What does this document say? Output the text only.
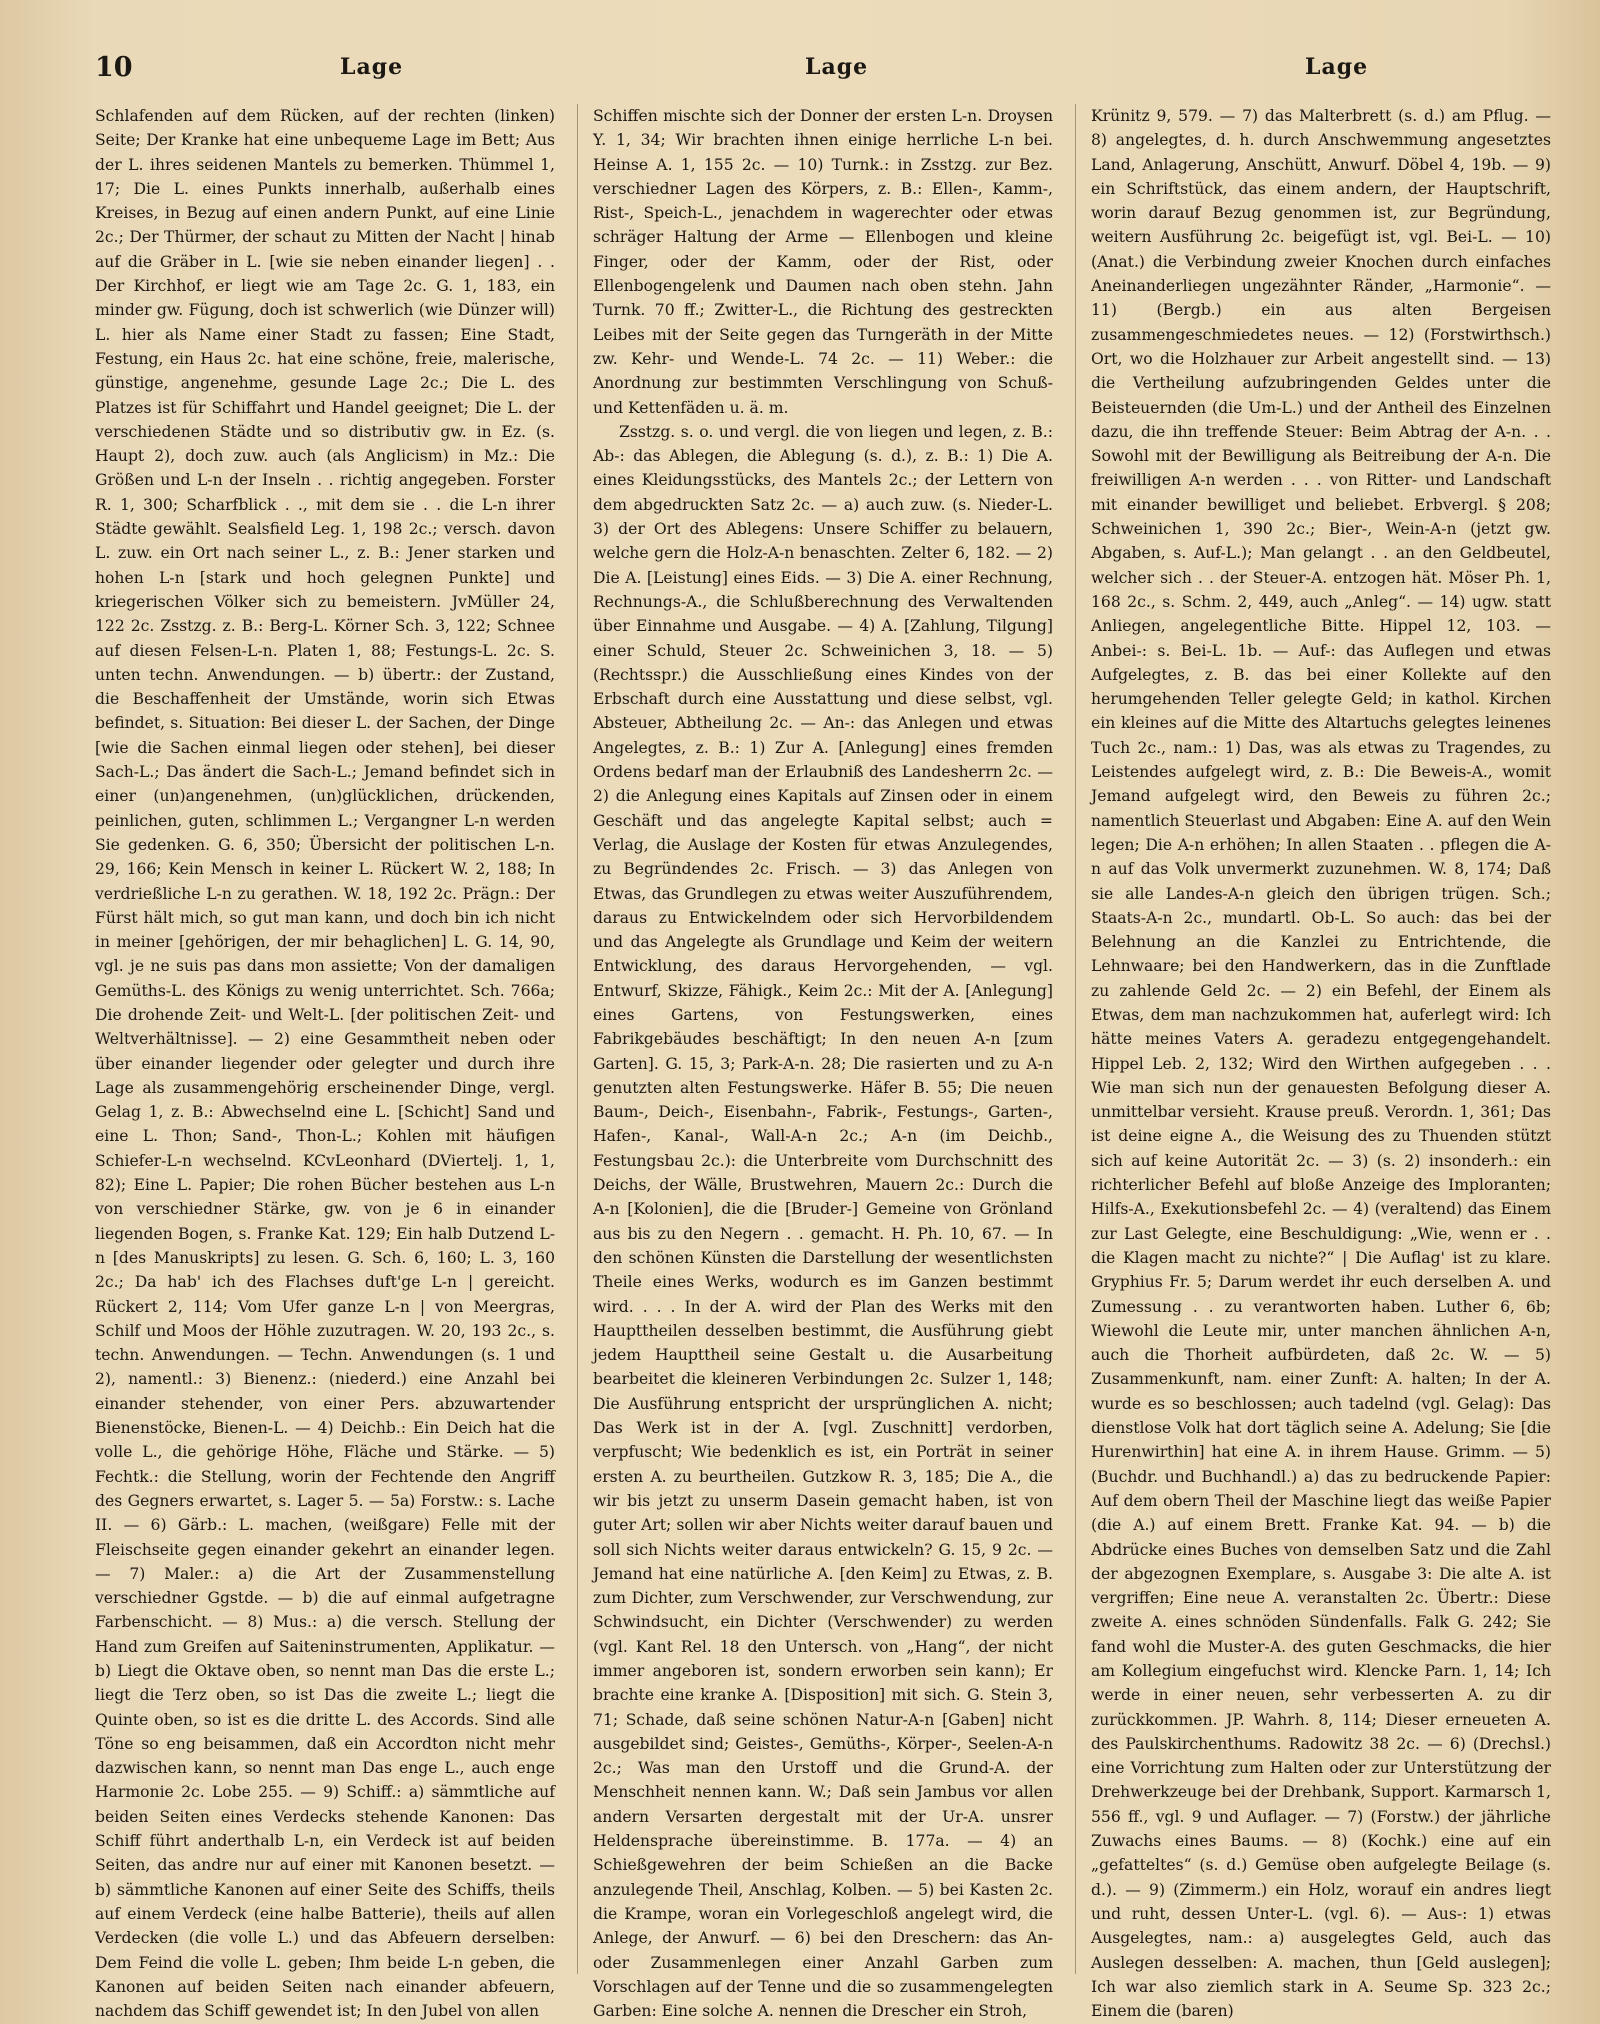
10	Lage	Lage	Lage

Schlafenden auf dem Rücken, auf der rechten (linken) Seite; Der Kranke hat eine unbequeme Lage im Bett; Aus der L. ihres seidenen Mantels zu bemerken. Thümmel 1, 17; Die L. eines Punkts innerhalb, außerhalb eines Kreises, in Bezug auf einen andern Punkt, auf eine Linie 2c.; Der Thürmer, der schaut zu Mitten der Nacht | hinab auf die Gräber in L. [wie sie neben einander liegen] . . Der Kirchhof, er liegt wie am Tage 2c. G. 1, 183, ein minder gw. Fügung, doch ist schwerlich (wie Dünzer will) L. hier als Name einer Stadt zu fassen; Eine Stadt, Festung, ein Haus 2c. hat eine schöne, freie, malerische, günstige, angenehme, gesunde Lage 2c.; Die L. des Platzes ist für Schiffahrt und Handel geeignet; Die L. der verschiedenen Städte und so distributiv gw. in Ez. (s. Haupt 2), doch zuw. auch (als Anglicism) in Mz.: Die Größen und L-n der Inseln . . richtig angegeben. Forster R. 1, 300; Scharfblick . ., mit dem sie . . die L-n ihrer Städte gewählt. Sealsfield Leg. 1, 198 2c.; versch. davon L. zuw. ein Ort nach seiner L., z. B.: Jener starken und hohen L-n [stark und hoch gelegnen Punkte] und kriegerischen Völker sich zu bemeistern. JvMüller 24, 122 2c. Zsstzg. z. B.: Berg-L. Körner Sch. 3, 122; Schnee auf diesen Felsen-L-n. Platen 1, 88; Festungs-L. 2c. S. unten techn. Anwendungen. — b) übertr.: der Zustand, die Beschaffenheit der Umstände, worin sich Etwas befindet, s. Situation: Bei dieser L. der Sachen, der Dinge [wie die Sachen einmal liegen oder stehen], bei dieser Sach-L.; Das ändert die Sach-L.; Jemand befindet sich in einer (un)angenehmen, (un)glücklichen, drückenden, peinlichen, guten, schlimmen L.; Vergangner L-n werden Sie gedenken. G. 6, 350; Übersicht der politischen L-n. 29, 166; Kein Mensch in keiner L. Rückert W. 2, 188; In verdrießliche L-n zu gerathen. W. 18, 192 2c. Prägn.: Der Fürst hält mich, so gut man kann, und doch bin ich nicht in meiner [gehörigen, der mir behaglichen] L. G. 14, 90, vgl. je ne suis pas dans mon assiette; Von der damaligen Gemüths-L. des Königs zu wenig unterrichtet. Sch. 766a; Die drohende Zeit- und Welt-L. [der politischen Zeit- und Weltverhältnisse]. — 2) eine Gesammtheit neben oder über einander liegender oder gelegter und durch ihre Lage als zusammengehörig erscheinender Dinge, vergl. Gelag 1, z. B.: Abwechselnd eine L. [Schicht] Sand und eine L. Thon; Sand-, Thon-L.; Kohlen mit häufigen Schiefer-L-n wechselnd. KCvLeonhard (DViertelj. 1, 1, 82); Eine L. Papier; Die rohen Bücher bestehen aus L-n von verschiedner Stärke, gw. von je 6 in einander liegenden Bogen, s. Franke Kat. 129; Ein halb Dutzend L-n [des Manuskripts] zu lesen. G. Sch. 6, 160; L. 3, 160 2c.; Da hab' ich des Flachses duft'ge L-n | gereicht. Rückert 2, 114; Vom Ufer ganze L-n | von Meergras, Schilf und Moos der Höhle zuzutragen. W. 20, 193 2c., s. techn. Anwendungen. — Techn. Anwendungen (s. 1 und 2), namentl.: 3) Bienenz.: (niederd.) eine Anzahl bei einander stehender, von einer Pers. abzuwartender Bienenstöcke, Bienen-L. — 4) Deichb.: Ein Deich hat die volle L., die gehörige Höhe, Fläche und Stärke. — 5) Fechtk.: die Stellung, worin der Fechtende den Angriff des Gegners erwartet, s. Lager 5. — 5a) Forstw.: s. Lache II. — 6) Gärb.: L. machen, (weißgare) Felle mit der Fleischseite gegen einander gekehrt an einander legen. — 7) Maler.: a) die Art der Zusammenstellung verschiedner Ggstde. — b) die auf einmal aufgetragne Farbenschicht. — 8) Mus.: a) die versch. Stellung der Hand zum Greifen auf Saiteninstrumenten, Applikatur. — b) Liegt die Oktave oben, so nennt man Das die erste L.; liegt die Terz oben, so ist Das die zweite L.; liegt die Quinte oben, so ist es die dritte L. des Accords. Sind alle Töne so eng beisammen, daß ein Accordton nicht mehr dazwischen kann, so nennt man Das enge L., auch enge Harmonie 2c. Lobe 255. — 9) Schiff.: a) sämmtliche auf beiden Seiten eines Verdecks stehende Kanonen: Das Schiff führt anderthalb L-n, ein Verdeck ist auf beiden Seiten, das andre nur auf einer mit Kanonen besetzt. — b) sämmtliche Kanonen auf einer Seite des Schiffs, theils auf einem Verdeck (eine halbe Batterie), theils auf allen Verdecken (die volle L.) und das Abfeuern derselben: Dem Feind die volle L. geben; Ihm beide L-n geben, die Kanonen auf beiden Seiten nach einander abfeuern, nachdem das Schiff gewendet ist; In den Jubel von allen

Schiffen mischte sich der Donner der ersten L-n. Droysen Y. 1, 34; Wir brachten ihnen einige herrliche L-n bei. Heinse A. 1, 155 2c. — 10) Turnk.: in Zsstzg. zur Bez. verschiedner Lagen des Körpers, z. B.: Ellen-, Kamm-, Rist-, Speich-L., jenachdem in wagerechter oder etwas schräger Haltung der Arme — Ellenbogen und kleine Finger, oder der Kamm, oder der Rist, oder Ellenbogengelenk und Daumen nach oben stehn. Jahn Turnk. 70 ff.; Zwitter-L., die Richtung des gestreckten Leibes mit der Seite gegen das Turngeräth in der Mitte zw. Kehr- und Wende-L. 74 2c. — 11) Weber.: die Anordnung zur bestimmten Verschlingung von Schuß- und Kettenfäden u. ä. m.

Zsstzg. s. o. und vergl. die von liegen und legen, z. B.: Ab-: das Ablegen, die Ablegung (s. d.), z. B.: 1) Die A. eines Kleidungsstücks, des Mantels 2c.; der Lettern von dem abgedruckten Satz 2c. — a) auch zuw. (s. Nieder-L. 3) der Ort des Ablegens: Unsere Schiffer zu belauern, welche gern die Holz-A-n benaschten. Zelter 6, 182. — 2) Die A. [Leistung] eines Eids. — 3) Die A. einer Rechnung, Rechnungs-A., die Schlußberechnung des Verwaltenden über Einnahme und Ausgabe. — 4) A. [Zahlung, Tilgung] einer Schuld, Steuer 2c. Schweinichen 3, 18. — 5) (Rechtsspr.) die Ausschließung eines Kindes von der Erbschaft durch eine Ausstattung und diese selbst, vgl. Absteuer, Abtheilung 2c. — An-: das Anlegen und etwas Angelegtes, z. B.: 1) Zur A. [Anlegung] eines fremden Ordens bedarf man der Erlaubniß des Landesherrn 2c. — 2) die Anlegung eines Kapitals auf Zinsen oder in einem Geschäft und das angelegte Kapital selbst; auch = Verlag, die Auslage der Kosten für etwas Anzulegendes, zu Begründendes 2c. Frisch. — 3) das Anlegen von Etwas, das Grundlegen zu etwas weiter Auszuführendem, daraus zu Entwickelndem oder sich Hervorbildendem und das Angelegte als Grundlage und Keim der weitern Entwicklung, des daraus Hervorgehenden, — vgl. Entwurf, Skizze, Fähigk., Keim 2c.: Mit der A. [Anlegung] eines Gartens, von Festungswerken, eines Fabrikgebäudes beschäftigt; In den neuen A-n [zum Garten]. G. 15, 3; Park-A-n. 28; Die rasierten und zu A-n genutzten alten Festungswerke. Häfer B. 55; Die neuen Baum-, Deich-, Eisenbahn-, Fabrik-, Festungs-, Garten-, Hafen-, Kanal-, Wall-A-n 2c.; A-n (im Deichb., Festungsbau 2c.): die Unterbreite vom Durchschnitt des Deichs, der Wälle, Brustwehren, Mauern 2c.: Durch die A-n [Kolonien], die die [Bruder-] Gemeine von Grönland aus bis zu den Negern . . gemacht. H. Ph. 10, 67. — In den schönen Künsten die Darstellung der wesentlichsten Theile eines Werks, wodurch es im Ganzen bestimmt wird. . . . In der A. wird der Plan des Werks mit den Haupttheilen desselben bestimmt, die Ausführung giebt jedem Haupttheil seine Gestalt u. die Ausarbeitung bearbeitet die kleineren Verbindungen 2c. Sulzer 1, 148; Die Ausführung entspricht der ursprünglichen A. nicht; Das Werk ist in der A. [vgl. Zuschnitt] verdorben, verpfuscht; Wie bedenklich es ist, ein Porträt in seiner ersten A. zu beurtheilen. Gutzkow R. 3, 185; Die A., die wir bis jetzt zu unserm Dasein gemacht haben, ist von guter Art; sollen wir aber Nichts weiter darauf bauen und soll sich Nichts weiter daraus entwickeln? G. 15, 9 2c. — Jemand hat eine natürliche A. [den Keim] zu Etwas, z. B. zum Dichter, zum Verschwender, zur Verschwendung, zur Schwindsucht, ein Dichter (Verschwender) zu werden (vgl. Kant Rel. 18 den Untersch. von „Hang“, der nicht immer angeboren ist, sondern erworben sein kann); Er brachte eine kranke A. [Disposition] mit sich. G. Stein 3, 71; Schade, daß seine schönen Natur-A-n [Gaben] nicht ausgebildet sind; Geistes-, Gemüths-, Körper-, Seelen-A-n 2c.; Was man den Urstoff und die Grund-A. der Menschheit nennen kann. W.; Daß sein Jambus vor allen andern Versarten dergestalt mit der Ur-A. unsrer Heldensprache übereinstimme. B. 177a. — 4) an Schießgewehren der beim Schießen an die Backe anzulegende Theil, Anschlag, Kolben. — 5) bei Kasten 2c. die Krampe, woran ein Vorlegeschloß angelegt wird, die Anlege, der Anwurf. — 6) bei den Dreschern: das An- oder Zusammenlegen einer Anzahl Garben zum Vorschlagen auf der Tenne und die so zusammengelegten Garben: Eine solche A. nennen die Drescher ein Stroh,

Krünitz 9, 579. — 7) das Malterbrett (s. d.) am Pflug. — 8) angelegtes, d. h. durch Anschwemmung angesetztes Land, Anlagerung, Anschütt, Anwurf. Döbel 4, 19b. — 9) ein Schriftstück, das einem andern, der Hauptschrift, worin darauf Bezug genommen ist, zur Begründung, weitern Ausführung 2c. beigefügt ist, vgl. Bei-L. — 10) (Anat.) die Verbindung zweier Knochen durch einfaches Aneinanderliegen ungezähnter Ränder, „Harmonie“. — 11) (Bergb.) ein aus alten Bergeisen zusammengeschmiedetes neues. — 12) (Forstwirthsch.) Ort, wo die Holzhauer zur Arbeit angestellt sind. — 13) die Vertheilung aufzubringenden Geldes unter die Beisteuernden (die Um-L.) und der Antheil des Einzelnen dazu, die ihn treffende Steuer: Beim Abtrag der A-n. . . Sowohl mit der Bewilligung als Beitreibung der A-n. Die freiwilligen A-n werden . . . von Ritter- und Landschaft mit einander bewilliget und beliebet. Erbvergl. § 208; Schweinichen 1, 390 2c.; Bier-, Wein-A-n (jetzt gw. Abgaben, s. Auf-L.); Man gelangt . . an den Geldbeutel, welcher sich . . der Steuer-A. entzogen hät. Möser Ph. 1, 168 2c., s. Schm. 2, 449, auch „Anleg“. — 14) ugw. statt Anliegen, angelegentliche Bitte. Hippel 12, 103. — Anbei-: s. Bei-L. 1b. — Auf-: das Auflegen und etwas Aufgelegtes, z. B. das bei einer Kollekte auf den herumgehenden Teller gelegte Geld; in kathol. Kirchen ein kleines auf die Mitte des Altartuchs gelegtes leinenes Tuch 2c., nam.: 1) Das, was als etwas zu Tragendes, zu Leistendes aufgelegt wird, z. B.: Die Beweis-A., womit Jemand aufgelegt wird, den Beweis zu führen 2c.; namentlich Steuerlast und Abgaben: Eine A. auf den Wein legen; Die A-n erhöhen; In allen Staaten . . pflegen die A-n auf das Volk unvermerkt zuzunehmen. W. 8, 174; Daß sie alle Landes-A-n gleich den übrigen trügen. Sch.; Staats-A-n 2c., mundartl. Ob-L. So auch: das bei der Belehnung an die Kanzlei zu Entrichtende, die Lehnwaare; bei den Handwerkern, das in die Zunftlade zu zahlende Geld 2c. — 2) ein Befehl, der Einem als Etwas, dem man nachzukommen hat, auferlegt wird: Ich hätte meines Vaters A. geradezu entgegengehandelt. Hippel Leb. 2, 132; Wird den Wirthen aufgegeben . . . Wie man sich nun der genauesten Befolgung dieser A. unmittelbar versieht. Krause preuß. Verordn. 1, 361; Das ist deine eigne A., die Weisung des zu Thuenden stützt sich auf keine Autorität 2c. — 3) (s. 2) insonderh.: ein richterlicher Befehl auf bloße Anzeige des Imploranten; Hilfs-A., Exekutionsbefehl 2c. — 4) (veraltend) das Einem zur Last Gelegte, eine Beschuldigung: „Wie, wenn er . . die Klagen macht zu nichte?“ | Die Auflag' ist zu klare. Gryphius Fr. 5; Darum werdet ihr euch derselben A. und Zumessung . . zu verantworten haben. Luther 6, 6b; Wiewohl die Leute mir, unter manchen ähnlichen A-n, auch die Thorheit aufbürdeten, daß 2c. W. — 5) Zusammenkunft, nam. einer Zunft: A. halten; In der A. wurde es so beschlossen; auch tadelnd (vgl. Gelag): Das dienstlose Volk hat dort täglich seine A. Adelung; Sie [die Hurenwirthin] hat eine A. in ihrem Hause. Grimm. — 5) (Buchdr. und Buchhandl.) a) das zu bedruckende Papier: Auf dem obern Theil der Maschine liegt das weiße Papier (die A.) auf einem Brett. Franke Kat. 94. — b) die Abdrücke eines Buches von demselben Satz und die Zahl der abgezognen Exemplare, s. Ausgabe 3: Die alte A. ist vergriffen; Eine neue A. veranstalten 2c. Übertr.: Diese zweite A. eines schnöden Sündenfalls. Falk G. 242; Sie fand wohl die Muster-A. des guten Geschmacks, die hier am Kollegium eingefuchst wird. Klencke Parn. 1, 14; Ich werde in einer neuen, sehr verbesserten A. zu dir zurückkommen. JP. Wahrh. 8, 114; Dieser erneueten A. des Paulskirchenthums. Radowitz 38 2c. — 6) (Drechsl.) eine Vorrichtung zum Halten oder zur Unterstützung der Drehwerkzeuge bei der Drehbank, Support. Karmarsch 1, 556 ff., vgl. 9 und Auflager. — 7) (Forstw.) der jährliche Zuwachs eines Baums. — 8) (Kochk.) eine auf ein „gefatteltes“ (s. d.) Gemüse oben aufgelegte Beilage (s. d.). — 9) (Zimmerm.) ein Holz, worauf ein andres liegt und ruht, dessen Unter-L. (vgl. 6). — Aus-: 1) etwas Ausgelegtes, nam.: a) ausgelegtes Geld, auch das Auslegen desselben: A. machen, thun [Geld auslegen]; Ich war also ziemlich stark in A. Seume Sp. 323 2c.; Einem die (baren)
